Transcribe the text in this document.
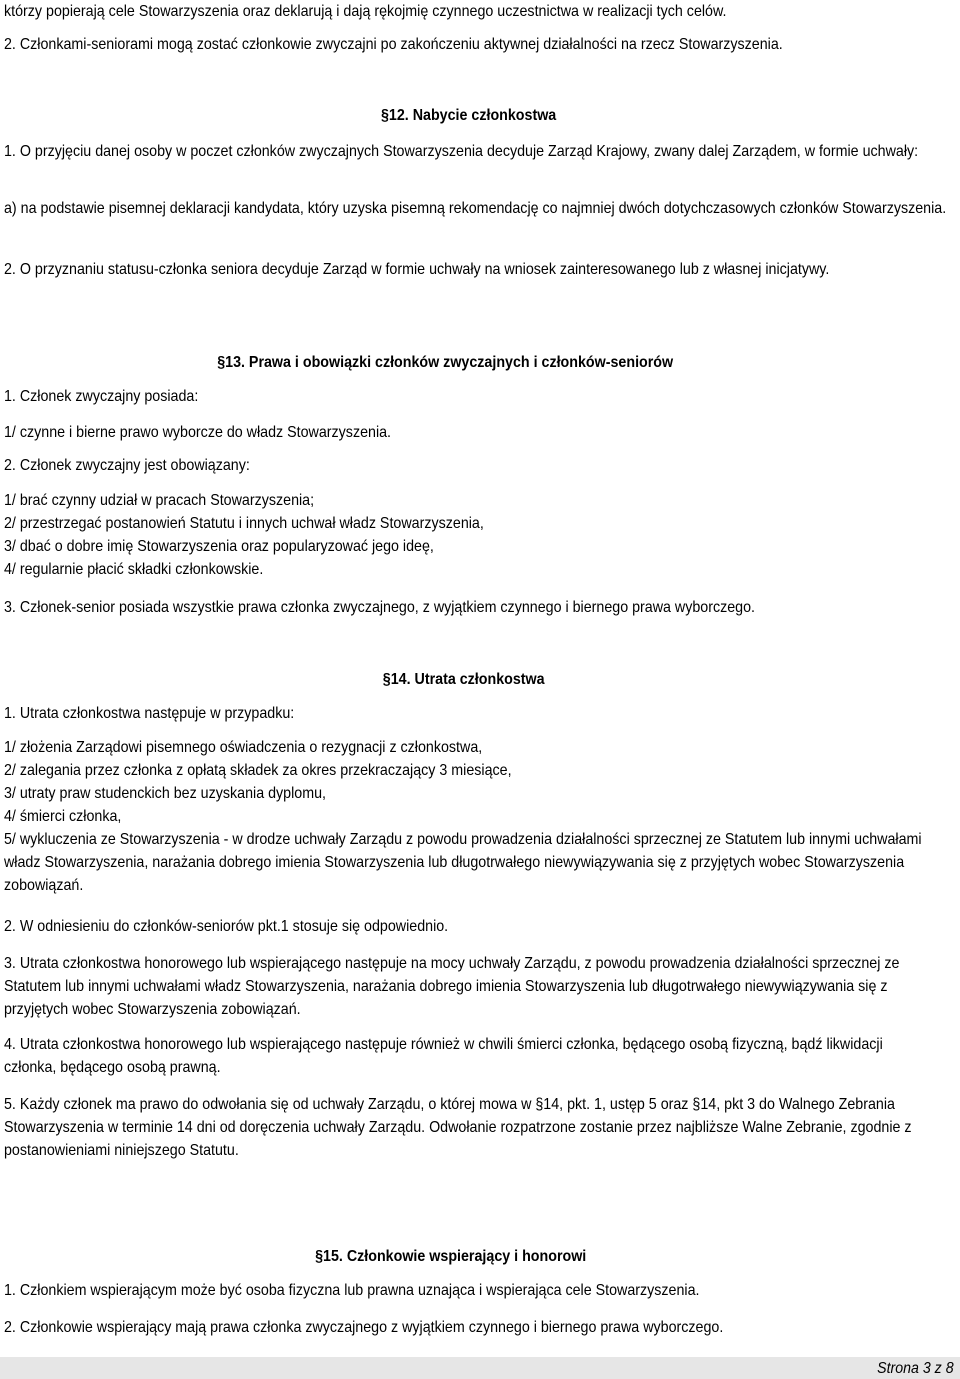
którzy popierają cele Stowarzyszenia oraz deklarują i dają rękojmię czynnego uczestnictwa w realizacji tych celów.

2. Członkami-seniorami mogą zostać członkowie zwyczajni po zakończeniu aktywnej działalności na rzecz Stowarzyszenia.

§12. Nabycie członkostwa

1. O przyjęciu danej osoby w poczet członków zwyczajnych Stowarzyszenia decyduje Zarząd Krajowy, zwany dalej Zarządem, w formie uchwały:

a) na podstawie pisemnej deklaracji kandydata, który uzyska pisemną rekomendację co najmniej dwóch dotychczasowych członków Stowarzyszenia.

2. O przyznaniu statusu-członka seniora decyduje Zarząd w formie uchwały na wniosek zainteresowanego lub z własnej inicjatywy.

§13. Prawa i obowiązki członków zwyczajnych i członków-seniorów

1. Członek zwyczajny posiada:

1/ czynne i bierne prawo wyborcze do władz Stowarzyszenia.

2. Członek zwyczajny jest obowiązany:

1/ brać czynny udział w pracach Stowarzyszenia;

2/ przestrzegać postanowień Statutu i innych uchwał władz Stowarzyszenia,

3/ dbać o dobre imię Stowarzyszenia oraz popularyzować jego ideę,

4/ regularnie płacić składki członkowskie.

3. Członek-senior posiada wszystkie prawa członka zwyczajnego, z wyjątkiem czynnego i biernego prawa wyborczego.

§14. Utrata członkostwa

1. Utrata członkostwa następuje w przypadku:

1/ złożenia Zarządowi pisemnego oświadczenia o rezygnacji z członkostwa,

2/ zalegania przez członka z opłatą składek za okres przekraczający 3 miesiące,

3/ utraty praw studenckich bez uzyskania dyplomu,

4/ śmierci członka,

5/ wykluczenia ze Stowarzyszenia - w drodze uchwały Zarządu z powodu prowadzenia działalności sprzecznej ze Statutem lub innymi uchwałami władz Stowarzyszenia, narażania dobrego imienia Stowarzyszenia lub długotrwałego niewywiązywania się z przyjętych wobec Stowarzyszenia zobowiązań.

2. W odniesieniu do członków-seniorów pkt.1 stosuje się odpowiednio.

3. Utrata członkostwa honorowego lub wspierającego następuje na mocy uchwały Zarządu, z powodu prowadzenia działalności sprzecznej ze Statutem lub innymi uchwałami władz Stowarzyszenia, narażania dobrego imienia Stowarzyszenia lub długotrwałego niewywiązywania się z przyjętych wobec Stowarzyszenia zobowiązań.

4. Utrata członkostwa honorowego lub wspierającego następuje również w chwili śmierci członka, będącego osobą fizyczną, bądź likwidacji członka, będącego osobą prawną.

5. Każdy członek ma prawo do odwołania się od uchwały Zarządu, o której mowa w §14, pkt. 1, ustęp 5 oraz §14, pkt 3 do Walnego Zebrania Stowarzyszenia w terminie 14 dni od doręczenia uchwały Zarządu. Odwołanie rozpatrzone zostanie przez najbliższe Walne Zebranie, zgodnie z postanowieniami niniejszego Statutu.

§15. Członkowie wspierający i honorowi

1. Członkiem wspierającym może być osoba fizyczna lub prawna uznająca i wspierająca cele Stowarzyszenia.

2. Członkowie wspierający mają prawa członka zwyczajnego z wyjątkiem czynnego i biernego prawa wyborczego.

Strona 3 z 8
